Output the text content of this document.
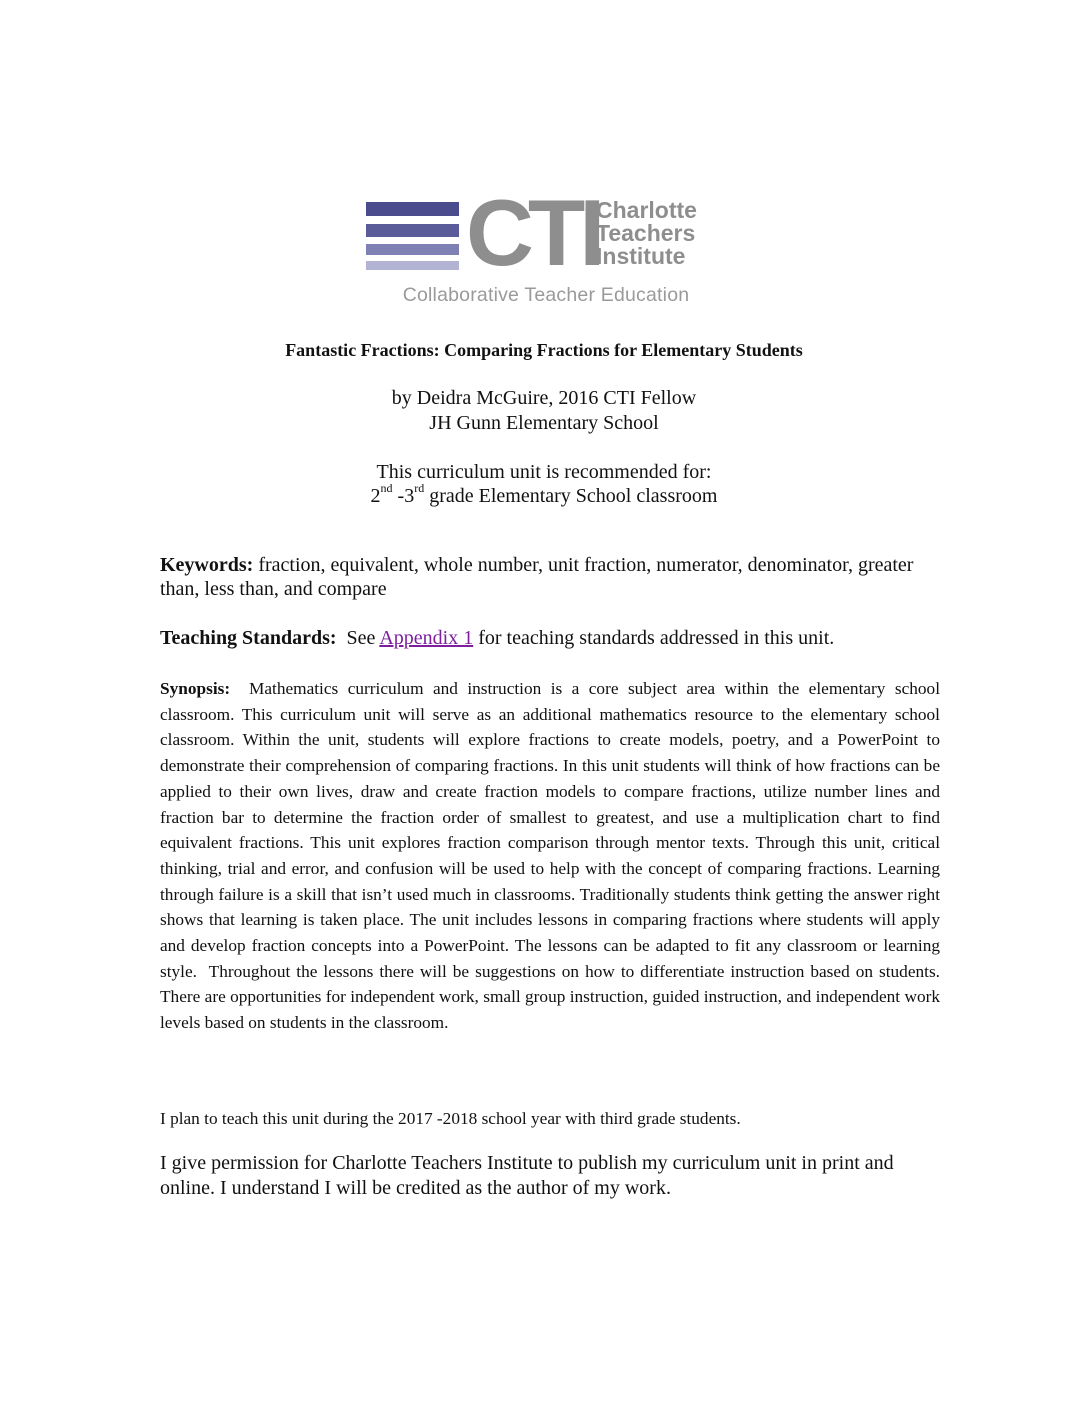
CTI
Charlotte
Teachers
Institute
Collaborative Teacher Education
Fantastic Fractions: Comparing Fractions for Elementary Students
by Deidra McGuire, 2016 CTI Fellow
JH Gunn Elementary School
This curriculum unit is recommended for:
2nd -3rd grade Elementary School classroom
Keywords: fraction, equivalent, whole number, unit fraction, numerator, denominator, greater than, less than, and compare
Teaching Standards:  See Appendix 1 for teaching standards addressed in this unit.
Synopsis:  Mathematics curriculum and instruction is a core subject area within the elementary school classroom. This curriculum unit will serve as an additional mathematics resource to the elementary school classroom. Within the unit, students will explore fractions to create models, poetry, and a PowerPoint to demonstrate their comprehension of comparing fractions. In this unit students will think of how fractions can be applied to their own lives, draw and create fraction models to compare fractions, utilize number lines and fraction bar to determine the fraction order of smallest to greatest, and use a multiplication chart to find equivalent fractions. This unit explores fraction comparison through mentor texts. Through this unit, critical thinking, trial and error, and confusion will be used to help with the concept of comparing fractions. Learning through failure is a skill that isn’t used much in classrooms. Traditionally students think getting the answer right shows that learning is taken place. The unit includes lessons in comparing fractions where students will apply and develop fraction concepts into a PowerPoint. The lessons can be adapted to fit any classroom or learning style.  Throughout the lessons there will be suggestions on how to differentiate instruction based on students. There are opportunities for independent work, small group instruction, guided instruction, and independent work levels based on students in the classroom.
I plan to teach this unit during the 2017 -2018 school year with third grade students.
I give permission for Charlotte Teachers Institute to publish my curriculum unit in print and online. I understand I will be credited as the author of my work.
